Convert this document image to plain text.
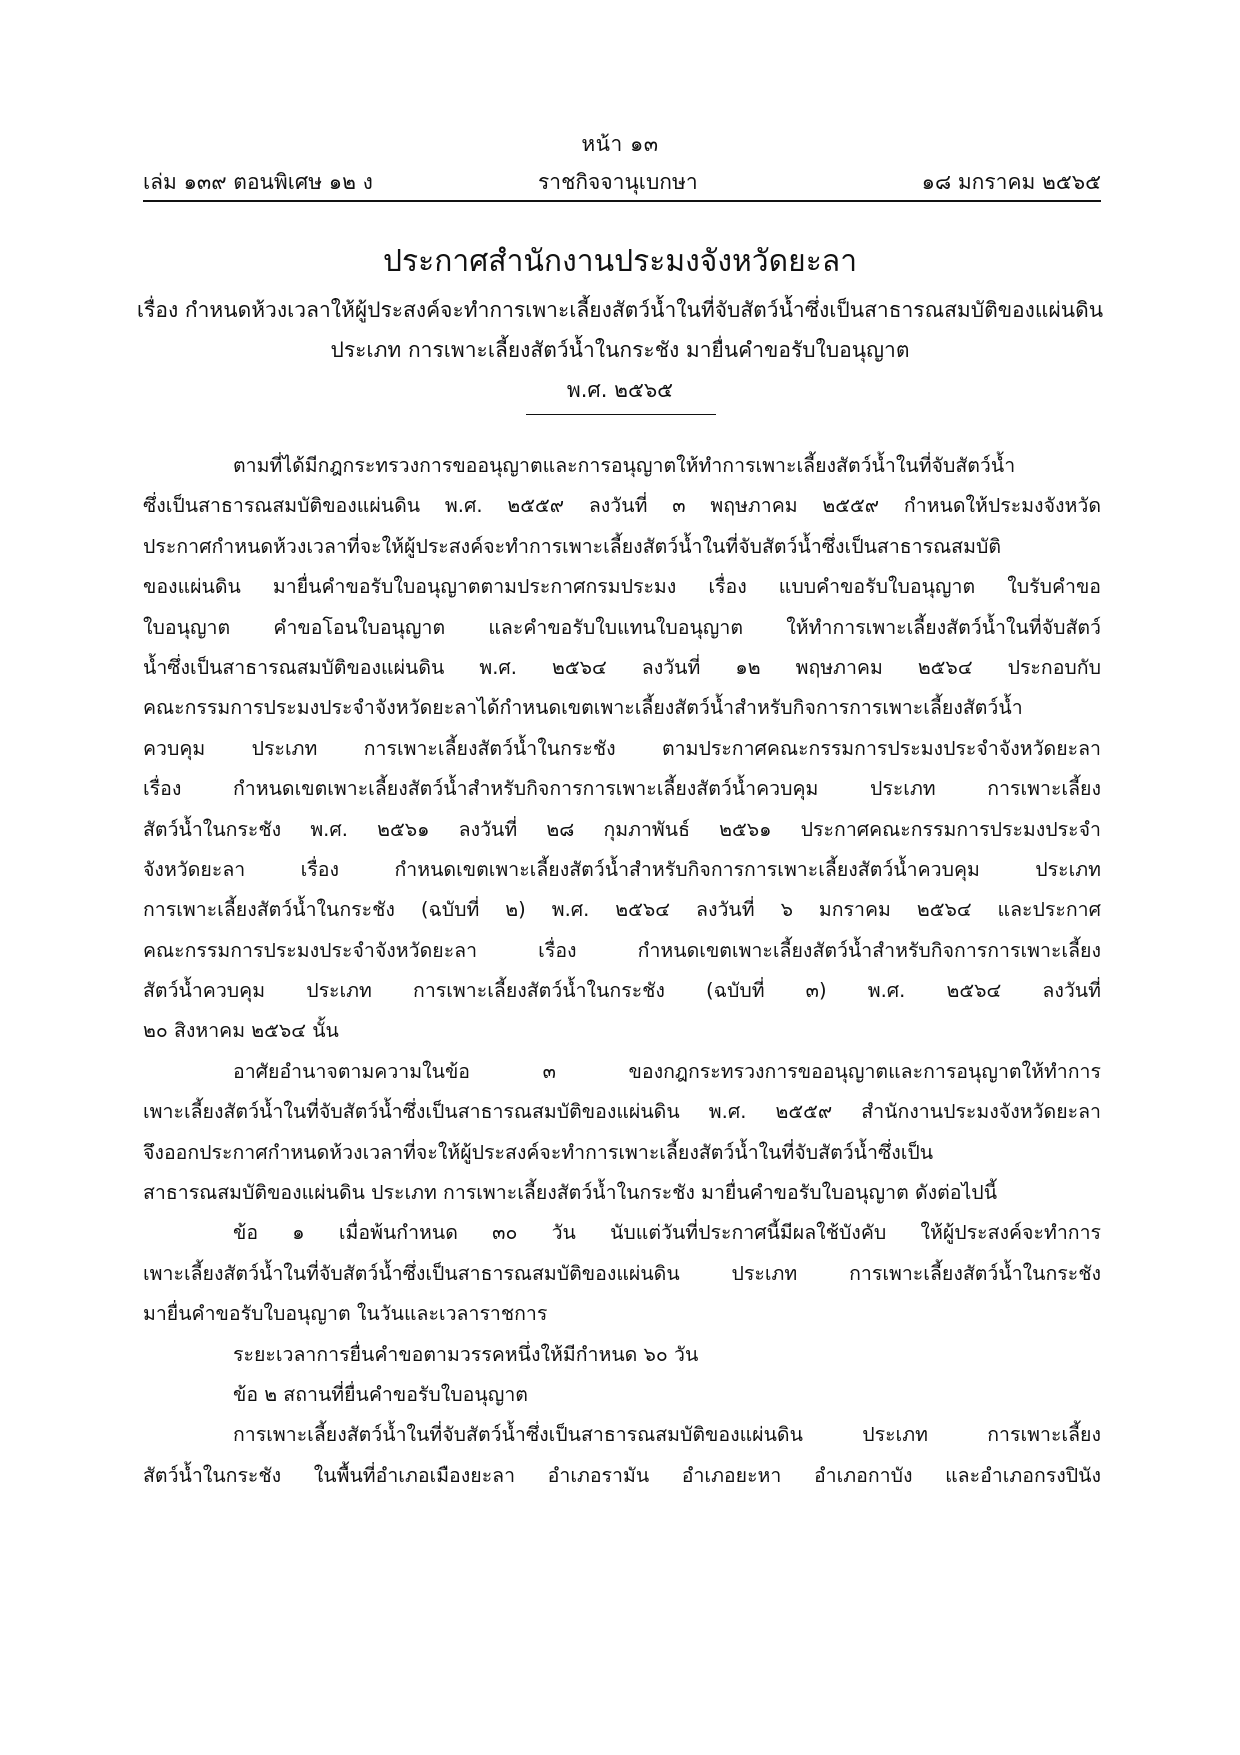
หน้า ๑๓
เล่ม ๑๓๙ ตอนพิเศษ ๑๒ ง	ราชกิจจานุเบกษา	๑๘ มกราคม ๒๕๖๕
ประกาศสำนักงานประมงจังหวัดยะลา
เรื่อง กำหนดห้วงเวลาให้ผู้ประสงค์จะทำการเพาะเลี้ยงสัตว์น้ำในที่จับสัตว์น้ำซึ่งเป็นสาธารณสมบัติของแผ่นดิน
ประเภท การเพาะเลี้ยงสัตว์น้ำในกระชัง มายื่นคำขอรับใบอนุญาต
พ.ศ. ๒๕๖๕
ตามที่ได้มีกฎกระทรวงการขออนุญาตและการอนุญาตให้ทำการเพาะเลี้ยงสัตว์น้ำในที่จับสัตว์น้ำ
ซึ่งเป็นสาธารณสมบัติของแผ่นดิน พ.ศ. ๒๕๕๙ ลงวันที่ ๓ พฤษภาคม ๒๕๕๙ กำหนดให้ประมงจังหวัด
ประกาศกำหนดห้วงเวลาที่จะให้ผู้ประสงค์จะทำการเพาะเลี้ยงสัตว์น้ำในที่จับสัตว์น้ำซึ่งเป็นสาธารณสมบัติ
ของแผ่นดิน มายื่นคำขอรับใบอนุญาตตามประกาศกรมประมง เรื่อง แบบคำขอรับใบอนุญาต ใบรับคำขอ
ใบอนุญาต คำขอโอนใบอนุญาต และคำขอรับใบแทนใบอนุญาต ให้ทำการเพาะเลี้ยงสัตว์น้ำในที่จับสัตว์
น้ำซึ่งเป็นสาธารณสมบัติของแผ่นดิน พ.ศ. ๒๕๖๔ ลงวันที่ ๑๒ พฤษภาคม ๒๕๖๔ ประกอบกับ
คณะกรรมการประมงประจำจังหวัดยะลาได้กำหนดเขตเพาะเลี้ยงสัตว์น้ำสำหรับกิจการการเพาะเลี้ยงสัตว์น้ำ
ควบคุม ประเภท การเพาะเลี้ยงสัตว์น้ำในกระชัง ตามประกาศคณะกรรมการประมงประจำจังหวัดยะลา
เรื่อง กำหนดเขตเพาะเลี้ยงสัตว์น้ำสำหรับกิจการการเพาะเลี้ยงสัตว์น้ำควบคุม ประเภท การเพาะเลี้ยง
สัตว์น้ำในกระชัง พ.ศ. ๒๕๖๑ ลงวันที่ ๒๘ กุมภาพันธ์ ๒๕๖๑ ประกาศคณะกรรมการประมงประจำ
จังหวัดยะลา เรื่อง กำหนดเขตเพาะเลี้ยงสัตว์น้ำสำหรับกิจการการเพาะเลี้ยงสัตว์น้ำควบคุม ประเภท
การเพาะเลี้ยงสัตว์น้ำในกระชัง (ฉบับที่ ๒) พ.ศ. ๒๕๖๔ ลงวันที่ ๖ มกราคม ๒๕๖๔ และประกาศ
คณะกรรมการประมงประจำจังหวัดยะลา เรื่อง กำหนดเขตเพาะเลี้ยงสัตว์น้ำสำหรับกิจการการเพาะเลี้ยง
สัตว์น้ำควบคุม ประเภท การเพาะเลี้ยงสัตว์น้ำในกระชัง (ฉบับที่ ๓) พ.ศ. ๒๕๖๔ ลงวันที่
๒๐ สิงหาคม ๒๕๖๔ นั้น
อาศัยอำนาจตามความในข้อ ๓ ของกฎกระทรวงการขออนุญาตและการอนุญาตให้ทำการ
เพาะเลี้ยงสัตว์น้ำในที่จับสัตว์น้ำซึ่งเป็นสาธารณสมบัติของแผ่นดิน พ.ศ. ๒๕๕๙ สำนักงานประมงจังหวัดยะลา
จึงออกประกาศกำหนดห้วงเวลาที่จะให้ผู้ประสงค์จะทำการเพาะเลี้ยงสัตว์น้ำในที่จับสัตว์น้ำซึ่งเป็น
สาธารณสมบัติของแผ่นดิน ประเภท การเพาะเลี้ยงสัตว์น้ำในกระชัง มายื่นคำขอรับใบอนุญาต ดังต่อไปนี้
ข้อ ๑ เมื่อพ้นกำหนด ๓๐ วัน นับแต่วันที่ประกาศนี้มีผลใช้บังคับ ให้ผู้ประสงค์จะทำการ
เพาะเลี้ยงสัตว์น้ำในที่จับสัตว์น้ำซึ่งเป็นสาธารณสมบัติของแผ่นดิน ประเภท การเพาะเลี้ยงสัตว์น้ำในกระชัง
มายื่นคำขอรับใบอนุญาต ในวันและเวลาราชการ
ระยะเวลาการยื่นคำขอตามวรรคหนึ่งให้มีกำหนด ๖๐ วัน
ข้อ ๒ สถานที่ยื่นคำขอรับใบอนุญาต
การเพาะเลี้ยงสัตว์น้ำในที่จับสัตว์น้ำซึ่งเป็นสาธารณสมบัติของแผ่นดิน ประเภท การเพาะเลี้ยง
สัตว์น้ำในกระชัง ในพื้นที่อำเภอเมืองยะลา อำเภอรามัน อำเภอยะหา อำเภอกาบัง และอำเภอกรงปินัง
